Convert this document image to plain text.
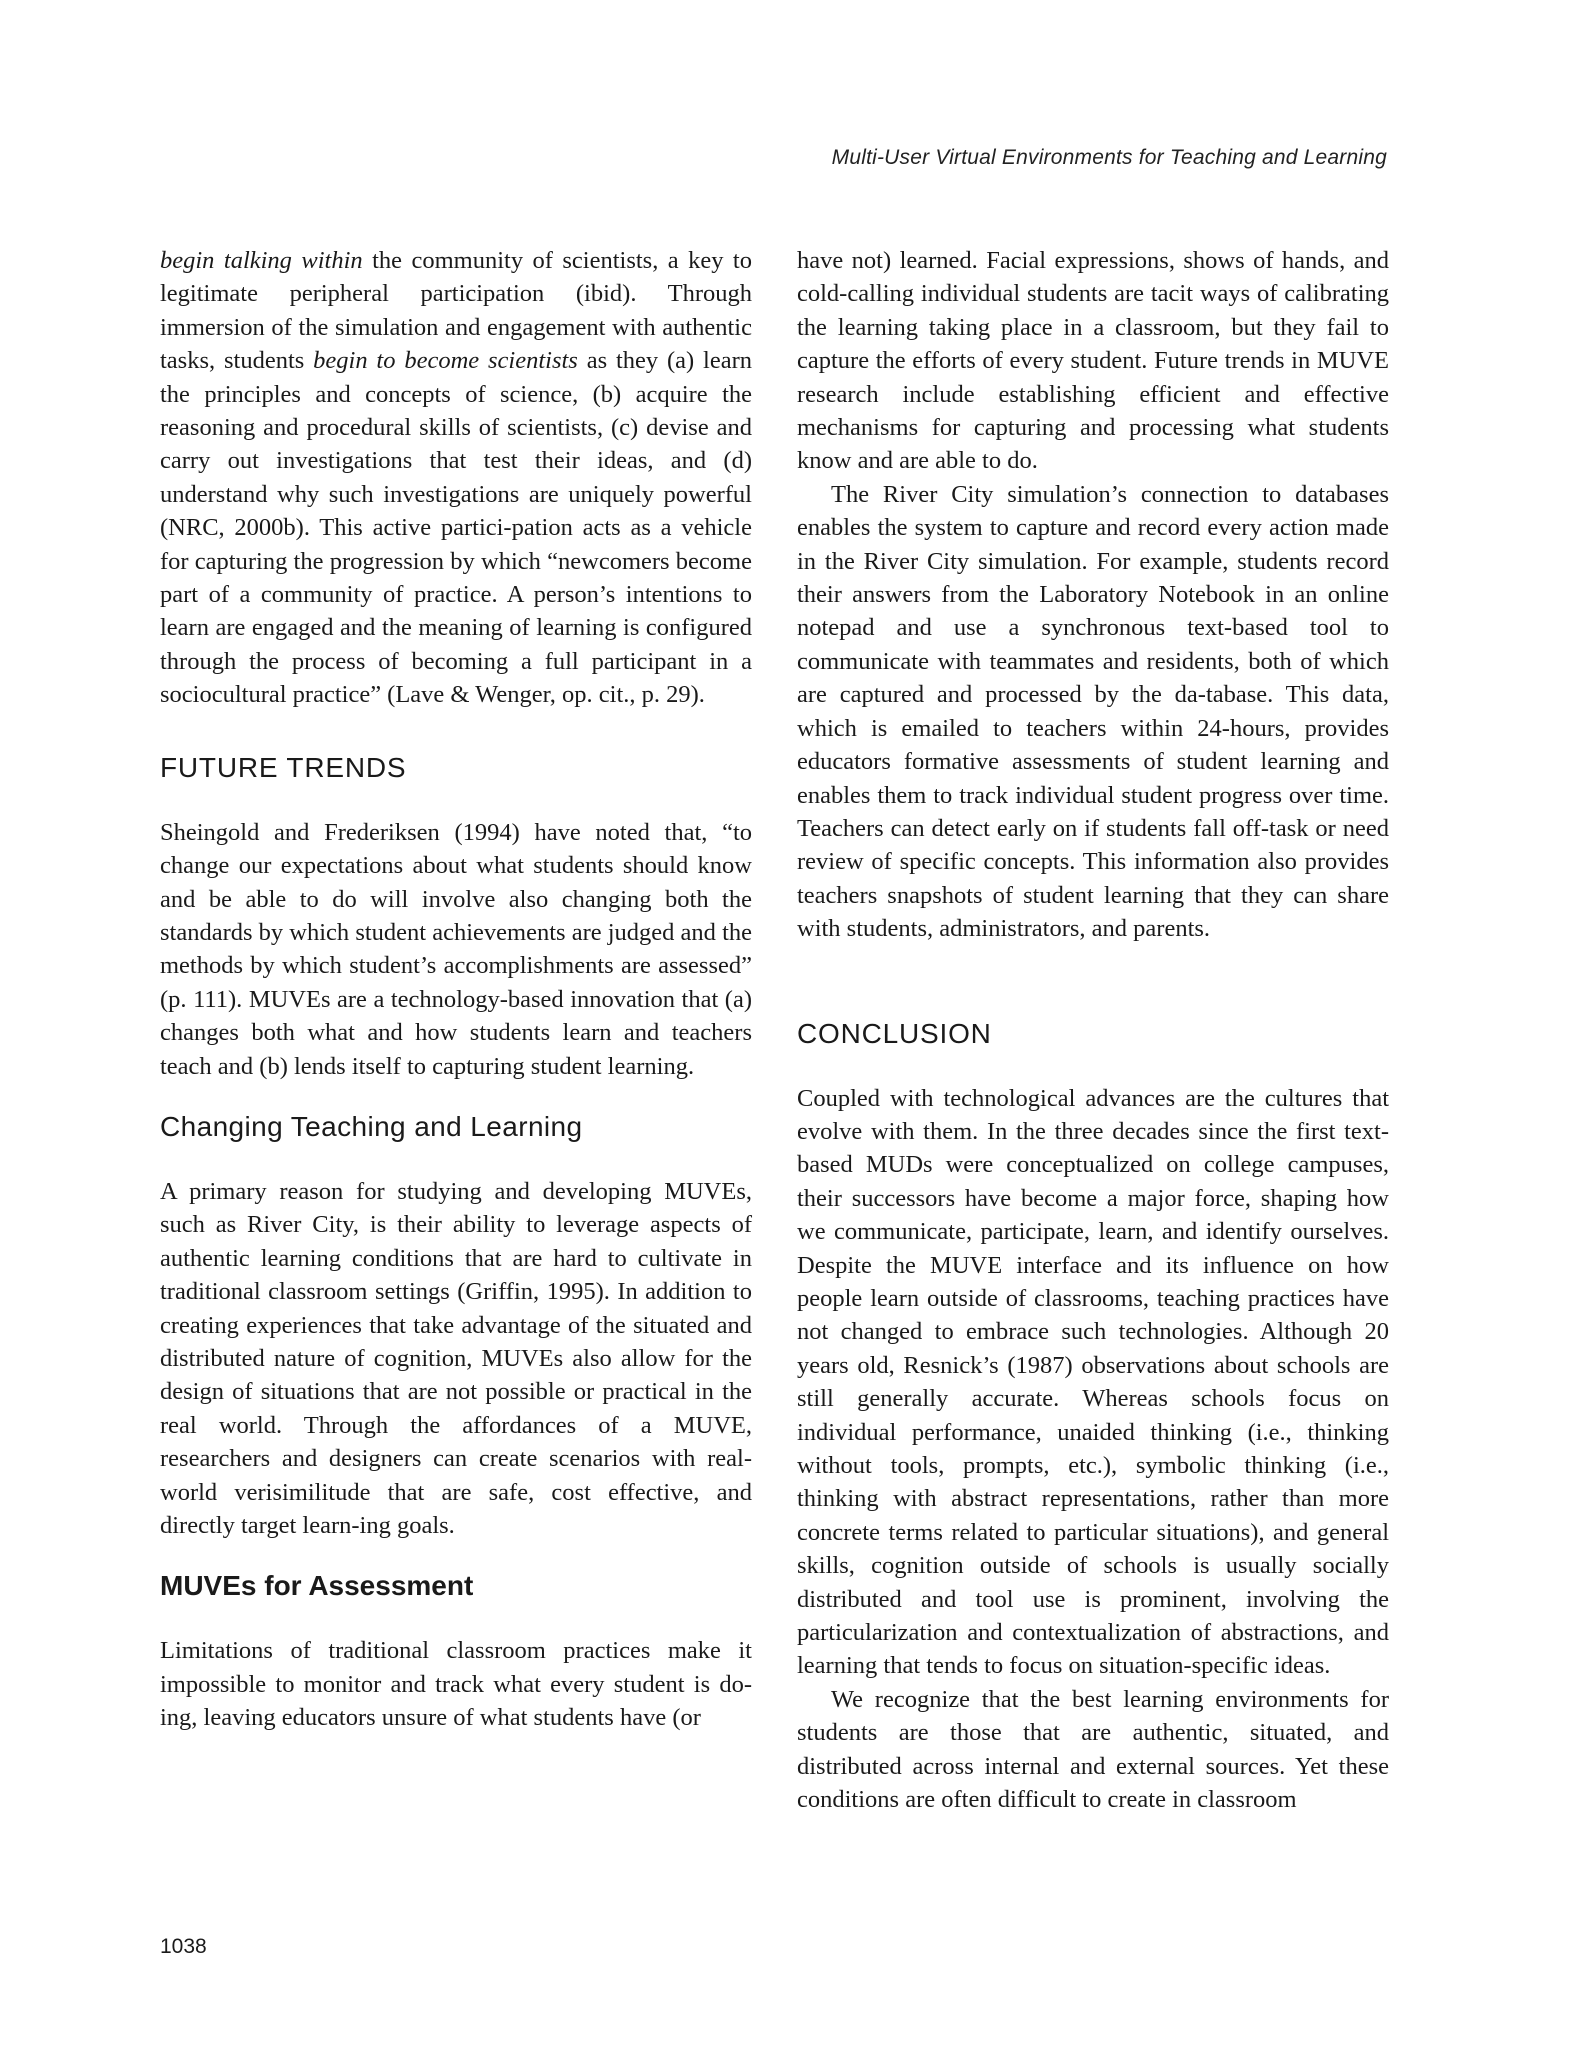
Multi-User Virtual Environments for Teaching and Learning

begin talking within the community of scientists, a key to legitimate peripheral participation (ibid). Through immersion of the simulation and engagement with authentic tasks, students begin to become scientists as they (a) learn the principles and concepts of science, (b) acquire the reasoning and procedural skills of scientists, (c) devise and carry out investigations that test their ideas, and (d) understand why such investigations are uniquely powerful (NRC, 2000b). This active partici-pation acts as a vehicle for capturing the progression by which “newcomers become part of a community of practice. A person’s intentions to learn are engaged and the meaning of learning is configured through the process of becoming a full participant in a sociocultural practice” (Lave & Wenger, op. cit., p. 29).

FUTURE TRENDS

Sheingold and Frederiksen (1994) have noted that, “to change our expectations about what students should know and be able to do will involve also changing both the standards by which student achievements are judged and the methods by which student’s accomplishments are assessed” (p. 111). MUVEs are a technology-based innovation that (a) changes both what and how students learn and teachers teach and (b) lends itself to capturing student learning.

Changing Teaching and Learning

A primary reason for studying and developing MUVEs, such as River City, is their ability to leverage aspects of authentic learning conditions that are hard to cultivate in traditional classroom settings (Griffin, 1995). In addition to creating experiences that take advantage of the situated and distributed nature of cognition, MUVEs also allow for the design of situations that are not possible or practical in the real world. Through the affordances of a MUVE, researchers and designers can create scenarios with real-world verisimilitude that are safe, cost effective, and directly target learn-ing goals.

MUVEs for Assessment

Limitations of traditional classroom practices make it impossible to monitor and track what every student is do-ing, leaving educators unsure of what students have (or

have not) learned. Facial expressions, shows of hands, and cold-calling individual students are tacit ways of calibrating the learning taking place in a classroom, but they fail to capture the efforts of every student. Future trends in MUVE research include establishing efficient and effective mechanisms for capturing and processing what students know and are able to do.

The River City simulation’s connection to databases enables the system to capture and record every action made in the River City simulation. For example, students record their answers from the Laboratory Notebook in an online notepad and use a synchronous text-based tool to communicate with teammates and residents, both of which are captured and processed by the da-tabase. This data, which is emailed to teachers within 24-hours, provides educators formative assessments of student learning and enables them to track individual student progress over time. Teachers can detect early on if students fall off-task or need review of specific concepts. This information also provides teachers snapshots of student learning that they can share with students, administrators, and parents.

CONCLUSION

Coupled with technological advances are the cultures that evolve with them. In the three decades since the first text-based MUDs were conceptualized on college campuses, their successors have become a major force, shaping how we communicate, participate, learn, and identify ourselves. Despite the MUVE interface and its influence on how people learn outside of classrooms, teaching practices have not changed to embrace such technologies. Although 20 years old, Resnick’s (1987) observations about schools are still generally accurate. Whereas schools focus on individual performance, unaided thinking (i.e., thinking without tools, prompts, etc.), symbolic thinking (i.e., thinking with abstract representations, rather than more concrete terms related to particular situations), and general skills, cognition outside of schools is usually socially distributed and tool use is prominent, involving the particularization and contextualization of abstractions, and learning that tends to focus on situation-specific ideas.

We recognize that the best learning environments for students are those that are authentic, situated, and distributed across internal and external sources. Yet these conditions are often difficult to create in classroom

1038
